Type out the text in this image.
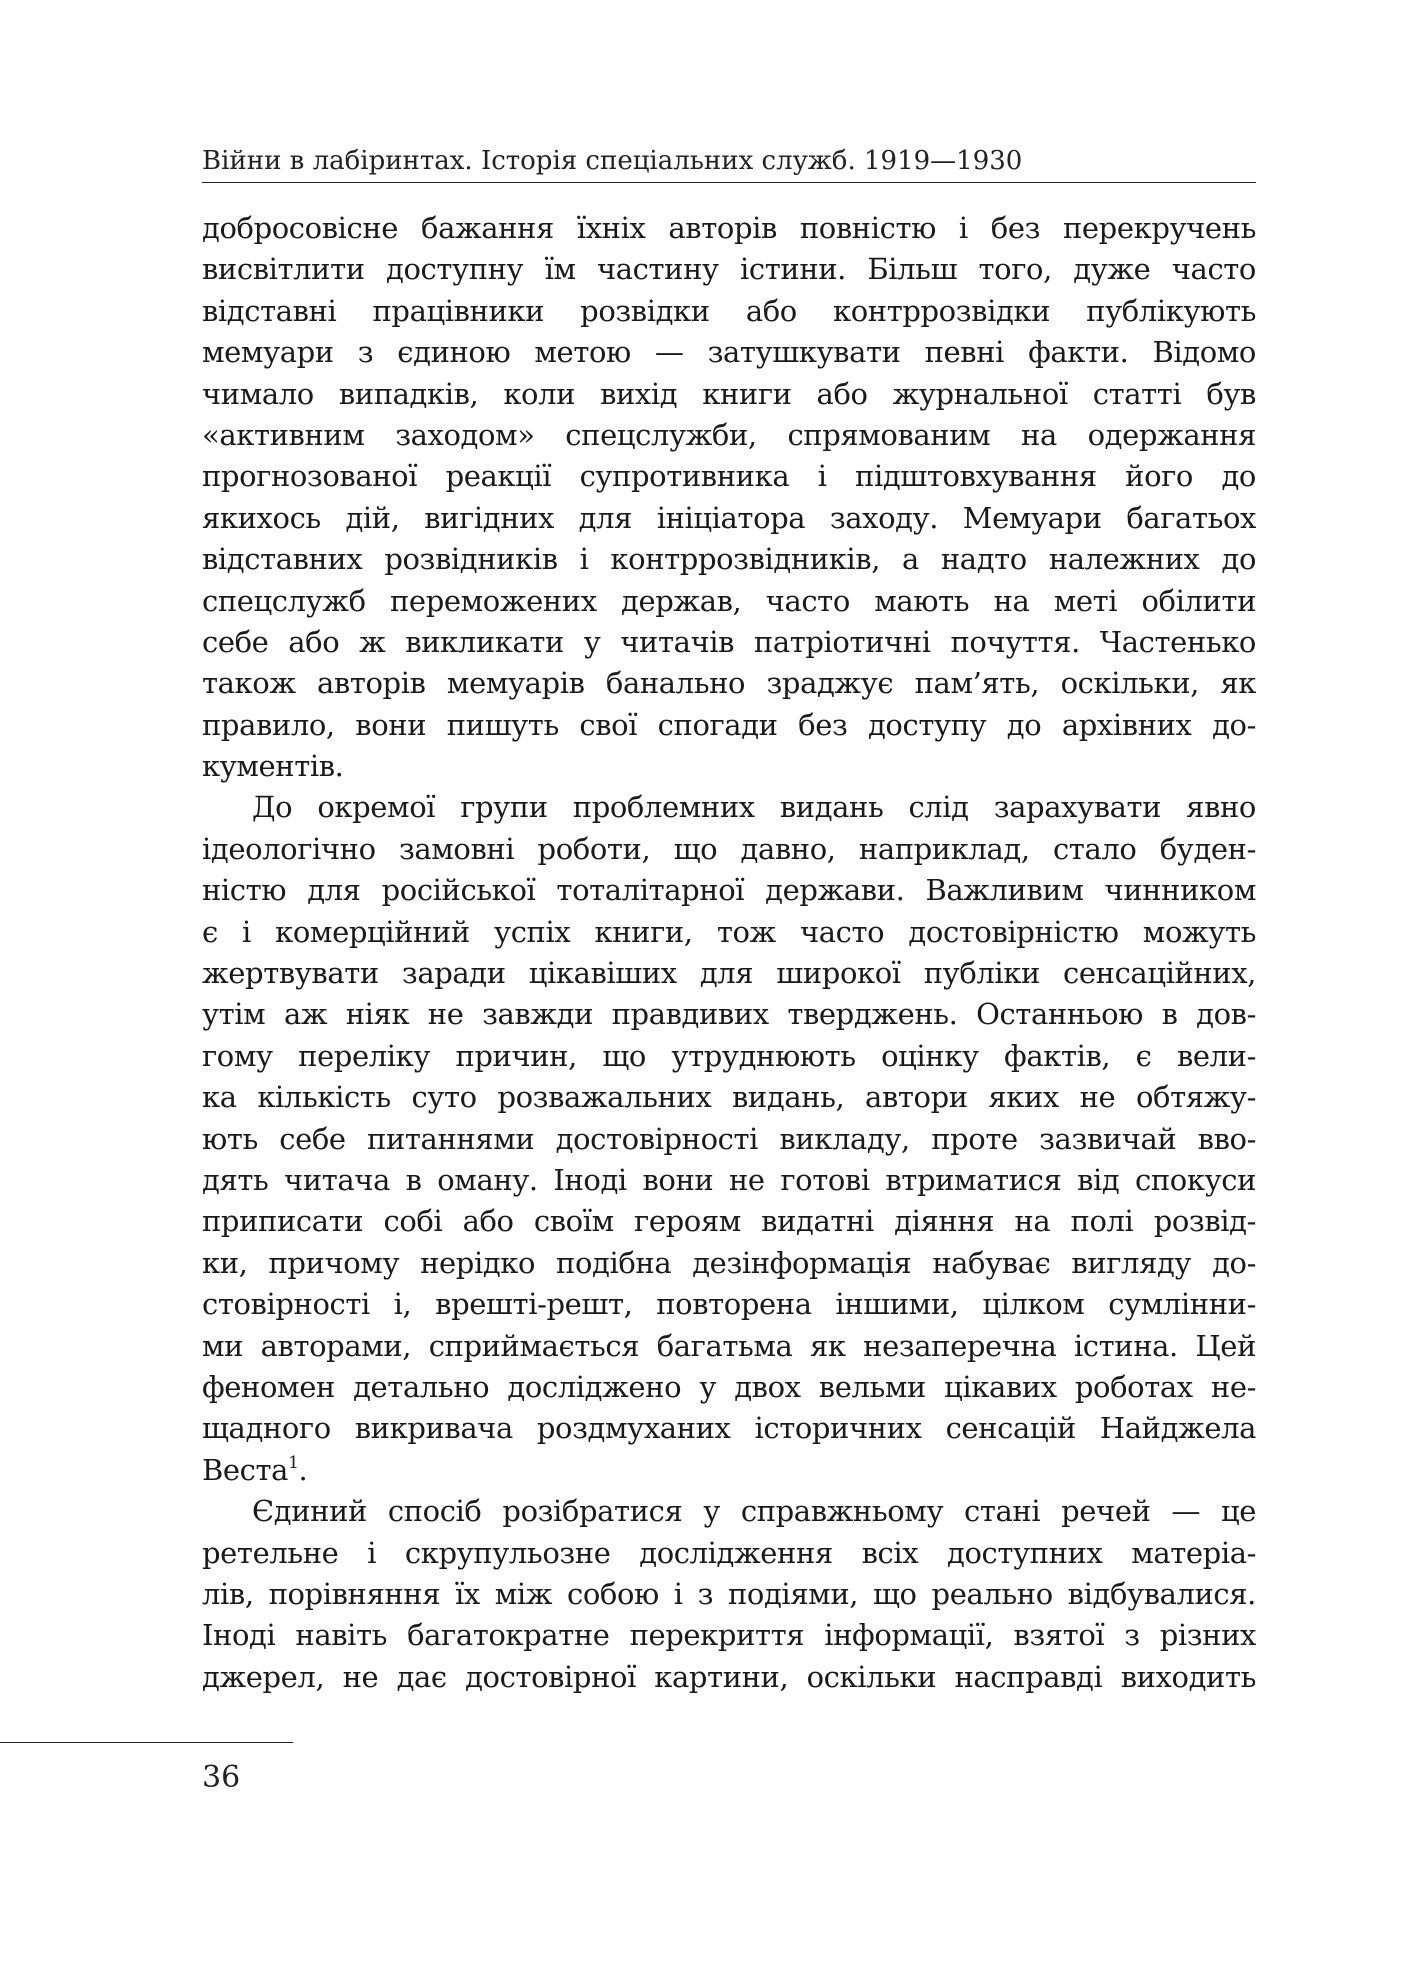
Війни в лабіринтах. Історія спеціальних служб. 1919—1930
добросовісне бажання їхніх авторів повністю і без перекручень
висвітлити доступну їм частину істини. Більш того, дуже часто
відставні працівники розвідки або контррозвідки публікують
мемуари з єдиною метою — затушкувати певні факти. Відомо
чимало випадків, коли вихід книги або журнальної статті був
«активним заходом» спецслужби, спрямованим на одержання
прогнозованої реакції супротивника і підштовхування його до
якихось дій, вигідних для ініціатора заходу. Мемуари багатьох
відставних розвідників і контррозвідників, а надто належних до
спецслужб переможених держав, часто мають на меті обілити
себе або ж викликати у читачів патріотичні почуття. Частенько
також авторів мемуарів банально зраджує пам’ять, оскільки, як
правило, вони пишуть свої спогади без доступу до архівних до-
кументів.
До окремої групи проблемних видань слід зарахувати явно
ідеологічно замовні роботи, що давно, наприклад, стало буден-
ністю для російської тоталітарної держави. Важливим чинником
є і комерційний успіх книги, тож часто достовірністю можуть
жертвувати заради цікавіших для широкої публіки сенсаційних,
утім аж ніяк не завжди правдивих тверджень. Останньою в дов-
гому переліку причин, що утруднюють оцінку фактів, є вели-
ка кількість суто розважальних видань, автори яких не обтяжу-
ють себе питаннями достовірності викладу, проте зазвичай вво-
дять читача в оману. Іноді вони не готові втриматися від спокуси
приписати собі або своїм героям видатні діяння на полі розвід-
ки, причому нерідко подібна дезінформація набуває вигляду до-
стовірності і, врешті-решт, повторена іншими, цілком сумлінни-
ми авторами, сприймається багатьма як незаперечна істина. Цей
феномен детально досліджено у двох вельми цікавих роботах не-
щадного викривача роздмуханих історичних сенсацій Найджела
Веста$^1$.
Єдиний спосіб розібратися у справжньому стані речей — це
ретельне і скрупульозне дослідження всіх доступних матеріа-
лів, порівняння їх між собою і з подіями, що реально відбувалися.
Іноді навіть багатократне перекриття інформації, взятої з різних
джерел, не дає достовірної картини, оскільки насправді виходить
36
